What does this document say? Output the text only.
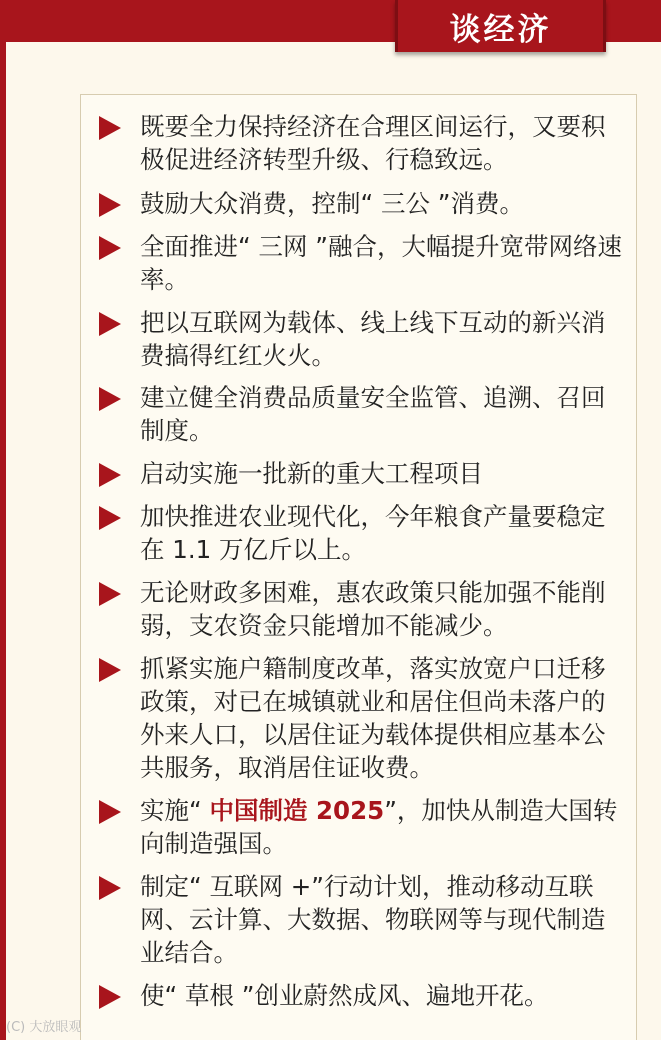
谈经济
既要全力保持经济在合理区间运行，又要积极促进经济转型升级、行稳致远。
鼓励大众消费，控制“ 三公 ”消费。
全面推进“ 三网 ”融合，大幅提升宽带网络速率。
把以互联网为载体、线上线下互动的新兴消费搞得红红火火。
建立健全消费品质量安全监管、追溯、召回制度。
启动实施一批新的重大工程项目
加快推进农业现代化，今年粮食产量要稳定在 1.1 万亿斤以上。
无论财政多困难，惠农政策只能加强不能削弱，支农资金只能增加不能减少。
抓紧实施户籍制度改革，落实放宽户口迁移政策，对已在城镇就业和居住但尚未落户的外来人口，以居住证为载体提供相应基本公共服务，取消居住证收费。
实施“ 中国制造 2025”，加快从制造大国转向制造强国。
制定“ 互联网 +”行动计划，推动移动互联网、云计算、大数据、物联网等与现代制造业结合。
使“ 草根 ”创业蔚然成风、遍地开花。
(C) 大放眼观
